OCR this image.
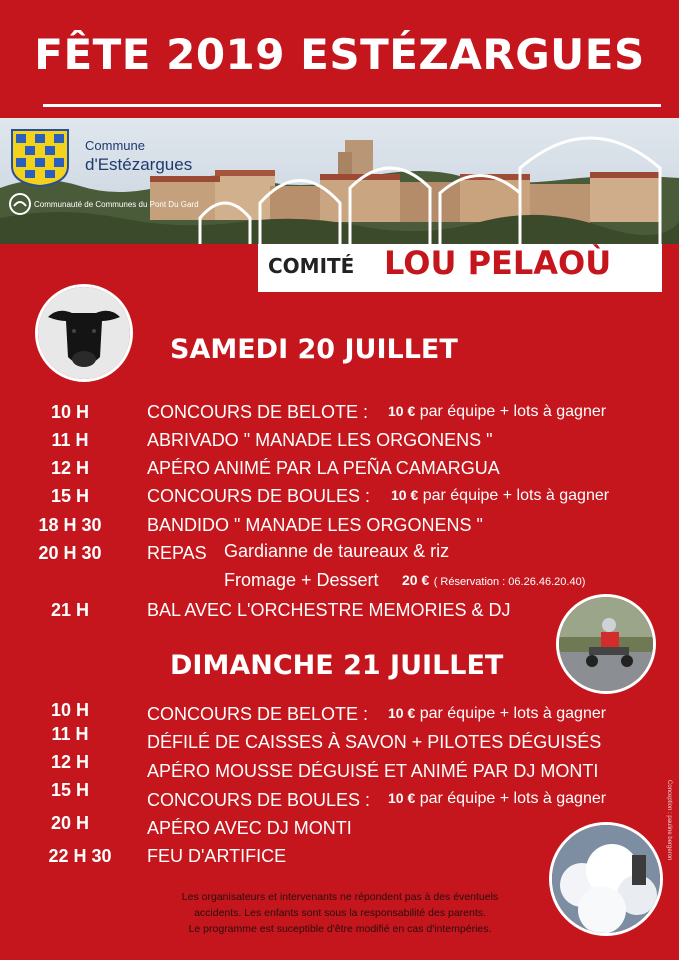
FÊTE 2019 ESTÉZARGUES
Commune
d'Estézargues
Communauté de Communes du Pont Du Gard
COMITÉ LOU PELAOÙ
SAMEDI 20 JUILLET
10 H	CONCOURS DE BELOTE : 10 € par équipe + lots à gagner
11 H	ABRIVADO " MANADE LES ORGONENS "
12 H	APÉRO ANIMÉ PAR LA PEÑA CAMARGUA
15 H	CONCOURS DE BOULES : 10 € par équipe + lots à gagner
18 H 30	BANDIDO " MANADE LES ORGONENS "
20 H 30	REPAS Gardianne de taureaux & riz
Fromage + Dessert 20 € ( Réservation : 06.26.46.20.40)
21 H	BAL AVEC L'ORCHESTRE MEMORIES & DJ
DIMANCHE 21 JUILLET
10 H	CONCOURS DE BELOTE : 10 € par équipe + lots à gagner
11 H	DÉFILÉ DE CAISSES À SAVON + PILOTES DÉGUISÉS
12 H	APÉRO MOUSSE DÉGUISÉ ET ANIMÉ PAR DJ MONTI
15 H	CONCOURS DE BOULES : 10 € par équipe + lots à gagner
20 H	APÉRO AVEC DJ MONTI
22 H 30	FEU D'ARTIFICE	Conception : pauline bergeron
Les organisateurs et intervenants ne répondent pas à des éventuels
accidents. Les enfants sont sous la responsabilité des parents.
Le programme est suceptible d'être modifié en cas d'intempéries.
